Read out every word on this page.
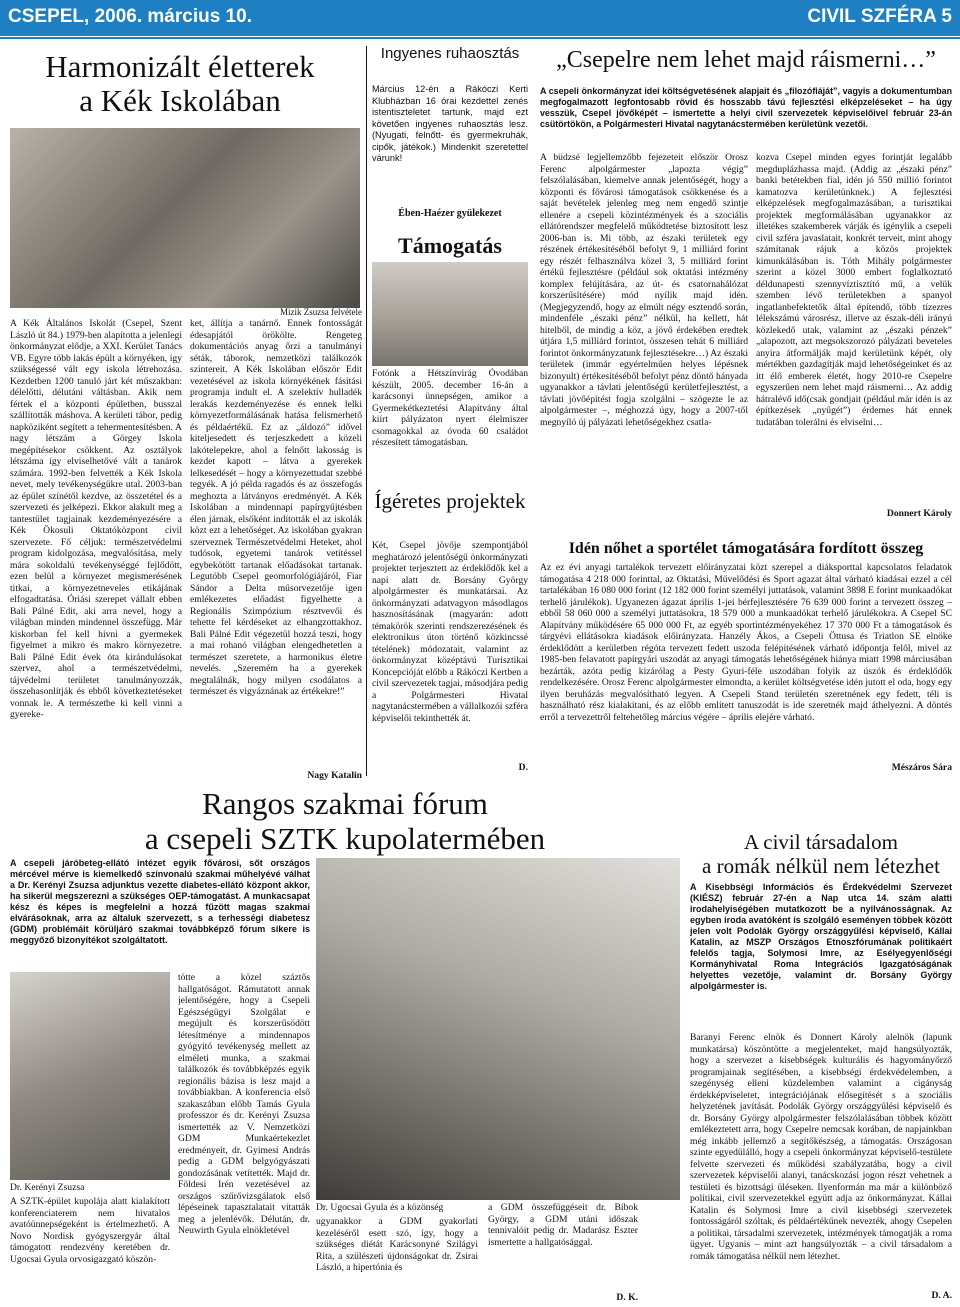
CSEPEL, 2006. március 10.	CIVIL SZFÉRA 5
Harmonizált életterek
a Kék Iskolában
Mizik Zsuzsa felvétele
A Kék Általános Iskolát (Csepel, Szent László út 84.) 1979-ben alapította a jelenlegi önkormányzat elődje, a XXI. Kerület Tanács VB. Egyre több lakás épült a környéken, így szükségessé vált egy iskola létrehozása. Kezdetben 1200 tanuló járt két műszakban: délelőtti, délutáni váltásban. Akik nem fértek el a központi épületben, busszal szállították máshova. A kerületi tábor, pedig napköziként segített a tehermentesítésben. A nagy létszám a Görgey Iskola megépítésekor csökkent. Az osztályok létszáma így elviselhetővé vált a tanárok számára. 1992-ben felvették a Kék Iskola nevet, mely tevékenységükre utal. 2003-ban az épület színétől kezdve, az összetétel és a szervezeti és jelképezi. Ekkor alakult meg a tantestület tagjainak kezdeményezésére a Kék Ökosuli Oktatóközpont civil szervezete. Fő céljuk: természetvédelmi program kidolgozása, megvalósítása, mely mára sokoldalú tevékenységgé fejlődött, ezen belül a környezet megismerésének titkai, a környezetneveles etikájának elfogadtatása. Óriási szerepet vállalt ebben Bali Pálné Edit, aki arra nevel, hogy a világban minden mindennel összefügg. Már kiskorban fel kell hívni a gyermekek figyelmet a mikro és makro környezetre. Bali Pálné Edit évek óta kirándulásokat szervez, ahol a természetvédelmi, tájvédelmi területet tanulmányozzák, összehasonlítják és ebből következtetéseket vonnak le. A természetbe ki kell vinni a gyereke-
ket, állítja a tanárnő. Ennek fontosságát édesapjától örökölte. Rengeteg dokumentációs anyag őrzi a tanulmányi séták, táborok, nemzetközi találkozók szintereit. A Kék Iskolában először Edit vezetésével az iskola környékének fásítási programja indult el. A szelektív hulladék lerakás kezdeményezése és ennek lelki környezetformálásának hatása felismerhető és példaértékű. Ez az „áldozó” idővel kiteljesedett és terjeszkedett a közeli lakótelepekre, ahol a felnőtt lakosság is kezdet kapott – látva a gyerekek lelkesedését – hogy a környezettudat szebbé tegyék. A jó példa ragadós és az összefogás meghozta a látványos eredményét. A Kék Iskolában a mindennapi papírgyűjtésben élen járnak, elsőként indították el az iskolák közt ezt a lehetőséget. Az iskolában gyakran szerveznek Természetvédelmi Heteket, ahol tudósok, egyetemi tanárok vetítéssel egybekötött tartanak előadásokat tartanak. Legutóbb Csepel geomorfológiájáról, Fiar Sándor a Delta műsorvezetője igen emlékezetes előadást figyelhette a Regionális Szimpózium résztvevői és tehette fel kérdéseket az elhangzottakhoz. Bali Pálné Edit végezetül hozzá teszi, hogy a mai rohanó világban elengedhetetlen a természet szeretete, a harmonikus életre nevelés. „Szeremém ha a gyerekek megtalálnák, hogy milyen csodálatos a természet és vigyáznának az értékekre!”
Nagy Katalin
Ingyenes ruhaosztás
Március 12-én a Rákóczi Kerti Klubházban 16 órai kezdettel zenés istentiszteletet tartunk, majd ezt követően ingyenes ruhaosztás lesz. (Nyugati, felnőtt- és gyermekruhák, cipők, játékok.) Mindenkit szeretettel várunk!
Ében-Haézer gyülekezet
Támogatás
Fotónk a Hétszínvirág Óvodában készült, 2005. december 16-án a karácsonyi ünnepségen, amikor a Gyermekétkeztetési Alapítvány által kiírt pályázaton nyert élelmiszer csomagokkal az óvoda 60 családot részesített támogatásban.
Ígéretes projektek
Két, Csepel jövője szempontjából meghatározó jelentőségű önkormányzati projektet terjesztett az érdeklődők kel a napi alatt dr. Borsány György alpolgármester és munkatársai. Az önkormányzati adatvagyon másodlagos hasznosításának (magyarán: adott témakörök szerinti rendszerezésének és elektronikus úton történő közkincssé tételének) módozatait, valamint az önkormányzat középtávú Turisztikai Koncepcióját előbb a Rákóczi Kertben a civil szervezetek tagjai, másodjára pedig a Polgármesteri Hivatal nagytanácstermében a vállalkozói szféra képviselői tekinthették át.
D.
„Csepelre nem lehet majd ráismerni…”
A csepeli önkormányzat idei költségvetésének alapjait és „filozófiáját”, vagyis a dokumentumban megfogalmazott legfontosabb rövid és hosszabb távú fejlesztési elképzeléseket – ha úgy vesszük, Csepel jövőképét – ismertette a helyi civil szervezetek képviselőivel február 23-án csütörtökön, a Polgármesteri Hivatal nagytanácstermében kerületünk vezetői.
A büdzsé legjellemzőbb fejezeteit először Orosz Ferenc alpolgármester „lapozta végig” felszólalásában, kiemelve annak jelentőségét, hogy a központi és fővárosi támogatások csökkenése és a saját bevételek jelenleg meg nem engedő szintje ellenére a csepeli közintézmények és a szociális ellátórendszer megfelelő működtetése biztosított lesz 2006-ban is. Mi több, az északi területek egy részének értékesítéséből befolyt 9, 1 milliárd forint egy részét felhasználva közel 3, 5 milliárd forint értékű fejlesztésre (például sok oktatási intézmény komplex felújítására, az út- és csatornahálózat korszerűsítésére) mód nyílik majd idén. (Megjegyzendő, hogy az elmúlt négy esztendő során, mindenféle „északi pénz” nélkül, ha kellett, hát hitelből, de mindig a köz, a jövő érdekében eredtek útjára 1,5 milliárd forintot, összesen tehát 6 milliárd forintot önkormányzatunk fejlesztésekre…) Az északi területek (immár egyértelműen helyes lépésnek bizonyult) értékesítéséből befolyt pénz döntő hányada ugyanakkor a távlati jelentőségű kerületfejlesztést, a távlati jövőépítést fogja szolgálni – szögezte le az alpolgármester –, méghozzá úgy, hogy a 2007-től megnyíló új pályázati lehetőségekhez csatla-
kozva Csepel minden egyes forintját legalább megduplázhassa majd. (Addig az „északi pénz” banki betétekben fial, idén jó 550 millió forintot kamatozva kerületünknek.) A fejlesztési elképzelések megfogalmazásában, a turisztikai projektek megformálásában ugyanakkor az illetékes szakemberek várják és igénylik a csepeli civil szféra javaslatait, konkrét terveit, mint ahogy számítanak rájuk a közös projektek kimunkálásában is. Tóth Mihály polgármester szerint a közel 3000 embert foglalkoztató déldunapesti szennyvíztisztító mű, a velük szemben lévő területekben a spanyol ingatlanbefektetők által építendő, több tízezres lélekszámú városrész, illetve az észak-déli irányú közlekedő utak, valamint az „északi pénzek” „alapozott, azt megsokszorozó pályázati beveteles anyira átformálják majd kerületünk képét, oly mértékben gazdagítják majd lehetőségeinket és az itt élő emberek életét, hogy 2010-re Csepelre egyszerűen nem lehet majd ráismerni… Az addig hátralévő idő(csak gondjait (például már idén is az építkezések „nyűgét”) érdemes hát ennek tudatában tolerálni és elviselni…
Donnert Károly
Idén nőhet a sportélet támogatására fordított összeg
Az ez évi anyagi tartalékok tervezett előirányzatai közt szerepel a diáksporttal kapcsolatos feladatok támogatása 4 218 000 forinttal, az Oktatási, Művelődési és Sport agazat által várható kiadásai ezzel a cél tartalékában 16 080 000 forint (12 182 000 forint személyi juttatások, valamint 3898 E forint munkaadókat terhelő járulékok). Ugyanezen ágazat április 1-jei bérfejlesztésére 76 639 000 forint a tervezett összeg – ebből 58 060 000 a személyi juttatásokra, 18 579 000 a munkaadókat terhelő járulékokra. A Csepel SC Alapítvány működésére 65 000 000 Ft, az egyéb sportintézményekéhez 17 370 000 Ft a támogatások és tárgyévi ellátásokra kiadások előirányzata. Hanzély Ákos, a Csepeli Öttusa és Triatlon SE elnöke érdeklődött a kerületben régóta tervezett fedett uszoda felépítésének várható időpontja felől, mivel az 1985-ben felavatott papírgyári uszodát az anyagi támogatás lehetőségének hiánya miatt 1998 márciusában bezárták, azóta pedig kizárólag a Pesty Gyuri-féle uszodában folyik az úszók és érdeklődők rendelkezésére. Orosz Ferenc alpolgármester elmondta, a kerület költségvetése idén jutott el oda, hogy egy ilyen beruházás megvalósítható legyen. A Csepeli Stand területén szeretnének egy fedett, téli is használható rész kialakítani, és az előbb említett tanuszodát is ide szeretnék majd áthelyezni. A döntés erről a tervezettről feltehetőleg március végére – április elejére várható.
Mészáros Sára
Rangos szakmai fórum
a csepeli SZTK kupolatermében
A csepeli járóbeteg-ellátó intézet egyik fővárosi, sőt országos mércével mérve is kiemelkedő színvonalú szakmai műhelyévé válhat a Dr. Kerényi Zsuzsa adjunktus vezette diabetes-ellátó központ akkor, ha sikerül megszerezni a szükséges OEP-támogatást. A munkacsapat kész és képes is megfelelni a hozzá fűzött magas szakmai elvárásoknak, arra az általuk szervezett, s a terhességi diabetesz (GDM) problémáit körüljáró szakmai továbbképző fórum sikere is meggyőző bizonyítékot szolgáltatott.
Dr. Kerényi Zsuzsa
A SZTK-épület kupolája alatt kialakított konferenciaterem nem hivatalos avatóünnepségeként is értelmezhető. A Novo Nordisk gyógyszergyár által támogatott rendezvény keretében dr. Ugocsai Gyula orvosigazgató köszön-
tötte a közel száztős hallgatóságot. Rámutatott annak jelentőségére, hogy a Csepeli Egészségügyi Szolgálat e megújult és korszerűsödött létesítménye a mindennapos gyógyító tevékenység mellett az elméleti munka, a szakmai találkozók és továbbképzés egyik regionális bázisa is lesz majd a továbbiakban. A konferencia első szakaszában előbb Tamás Gyula professzor és dr. Kerényi Zsuzsa ismertették az V. Nemzetközi GDM Munkaértekezlet eredményeit, dr. Gyimesi András pedig a GDM belgyógyászati gondozásának vetítették. Majd dr. Földesi Irén vezetésével az országos szűrővizsgálatok első lépéseinek tapasztalatait vitatták meg a jelenlévők. Délután, dr. Neuwirth Gyula elnökletével
Dr. Ugocsai Gyula és a közönség
ugyanakkor a GDM gyakorlati kezeléséről esett szó, így, hogy a szükséges diétát Karácsonyné Szilágyi Rita, a szülészeti újdonságokat dr. Zsirai László, a hipertónia és
a GDM összefüggéseit dr. Bíbok György, a GDM utáni időszak tennivalóit pedig dr. Madarász Eszter ismertette a hallgatósággal.
D. K.
A civil társadalom
a romák nélkül nem létezhet
A Kisebbségi Információs és Érdekvédelmi Szervezet (KIÉSZ) február 27-én a Nap utca 14. szám alatti irodahelyiségében mutatkozott be a nyilvánosságnak. Az egyben iroda avatóként is szolgáló eseményen többek között jelen volt Podolák György országgyűlési képviselő, Kállai Katalin, az MSZP Országos Etnoszfórumának politikaért felelős tagja, Solymosi Imre, az Esélyegyenlőségi Kormányhivatal Roma Integrációs Igazgatóságának helyettes vezetője, valamint dr. Borsány György alpolgármester is.
Baranyi Ferenc elnök és Donnert Károly alelnök (lapunk munkatársa) köszöntötte a megjelenteket, majd hangsúlyozták, hogy a szervezet a kisebbségek kulturális és hagyományőrző programjainak segítésében, a kisebbségi érdekvédelemben, a szegénység elleni küzdelemben valamint a cigányság érdekképviseletet, integrációjának elősegítését s a szociális helyzetének javítását. Podolák György országgyűlési képviselő és dr. Borsány György alpolgármester felszólalásában többek között emlékeztetett arra, hogy Csepelre nemcsak korában, de napjainkban még inkább jellemző a segítőkészség, a támogatás. Országosan szinte egyedülálló, hogy a csepeli önkormányzat képviselő-testülete felvette szervezeti és működési szabályzatába, hogy a civil szervezetek képviselői alanyi, tanácskozási jogon részt vehetnek a testületi és bizottsági üléseken. Ilyenformán ma már a különböző politikai, civil szervezetekkel együtt adja az önkormányzat. Kállai Katalin és Solymosi Imre a civil kisebbségi szervezetek fontosságáról szóltak, és példaértékűnek nevezték, ahogy Csepelen a politikai, társadalmi szervezetek, intézmények támogatják a roma ügyet. Ugyanis – mint azt hangsúlyozták – a civil társadalom a romák támogatása nélkül nem létezhet.
D. A.
